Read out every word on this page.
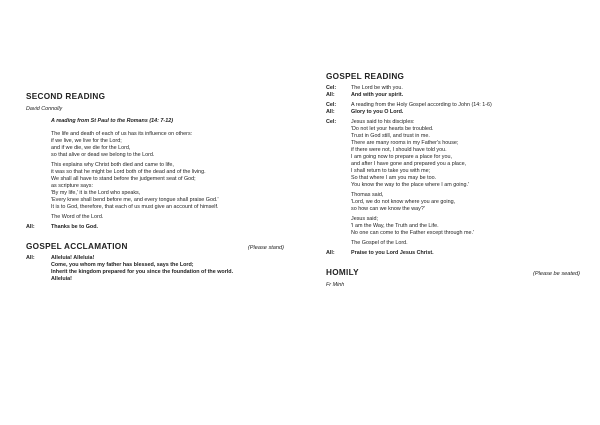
SECOND READING
David Connolly
A reading from St Paul to the Romans (14: 7-12)
The life and death of each of us has its influence on others:
if we live, we live for the Lord;
and if we die, we die for the Lord,
so that alive or dead we belong to the Lord.
This explains why Christ both died and came to life,
it was so that he might be Lord both of the dead and of the living.
We shall all have to stand before the judgement seat of God;
as scripture says:
'By my life,' it is the Lord who speaks,
'Every knee shall bend before me, and every tongue shall praise God.'
It is to God, therefore, that each of us must give an account of himself.
The Word of the Lord.
All:	Thanks be to God.
GOSPEL ACCLAMATION	(Please stand)
All:	Alleluia! Alleluia!
Come, you whom my father has blessed, says the Lord;
Inherit the kingdom prepared for you since the foundation of the world.
Alleluia!
GOSPEL READING
Cel:	The Lord be with you.
All:	And with your spirit.
Cel:	A reading from the Holy Gospel according to John (14: 1-6)
All:	Glory to you O Lord.
Cel:	Jesus said to his disciples:
'Do not let your hearts be troubled.
Trust in God still, and trust in me.
There are many rooms in my Father's house;
if there were not, I should have told you.
I am going now to prepare a place for you,
and after I have gone and prepared you a place,
I shall return to take you with me;
So that where I am you may be too.
You know the way to the place where I am going.'
Thomas said,
'Lord, we do not know where you are going,
so how can we know the way?'
Jesus said;
'I am the Way, the Truth and the Life.
No one can come to the Father except through me.'
The Gospel of the Lord.
All:	Praise to you Lord Jesus Christ.
HOMILY	(Please be seated)
Fr Minh
